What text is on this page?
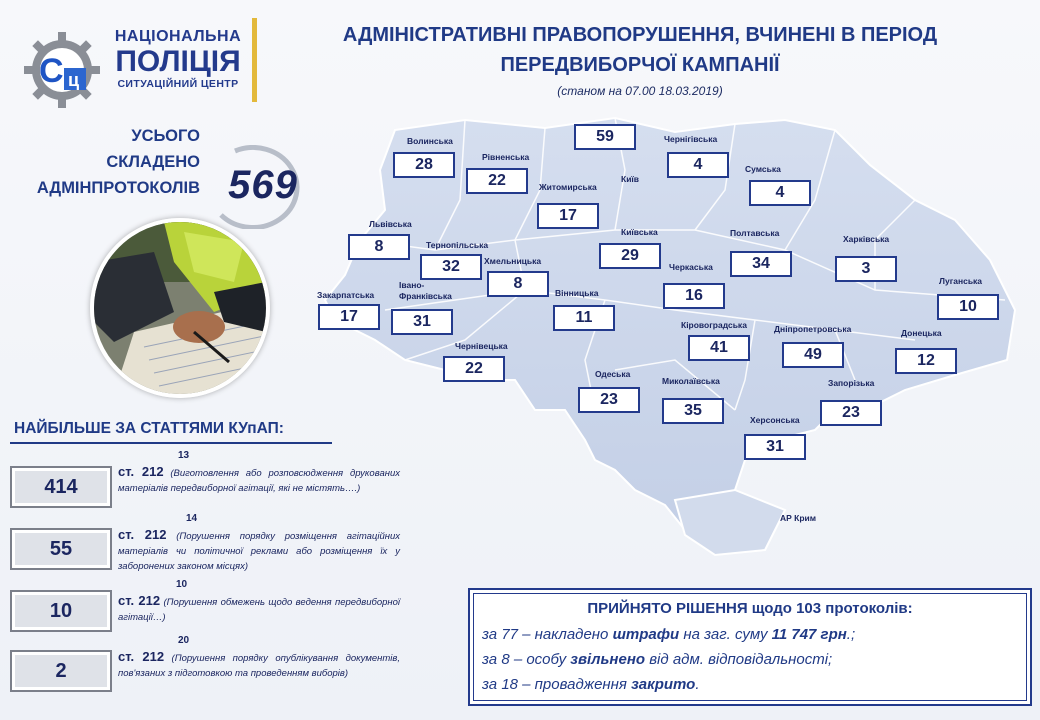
С ц
НАЦІОНАЛЬНА
ПОЛІЦІЯ
СИТУАЦІЙНИЙ ЦЕНТР
АДМІНІСТРАТИВНІ ПРАВОПОРУШЕННЯ, ВЧИНЕНІ В ПЕРІОД
ПЕРЕДВИБОРЧОЇ КАМПАНІЇ
(станом на 07.00 18.03.2019)
УСЬОГО
СКЛАДЕНО
АДМІНПРОТОКОЛІВ 569
НАЙБІЛЬШЕ ЗА СТАТТЯМИ КУпАП:
414
13
ст. 212 (Виготовлення або розповсюдження друкованих матеріалів передвиборної агітації, які не містять….)
55
14
ст. 212 (Порушення порядку розміщення агітаційних матеріалів чи політичної реклами або розміщення їх у заборонених законом місцях)
10
10
ст. 212 (Порушення обмежень щодо ведення передвиборної агітації…)
2
20
ст. 212 (Порушення порядку опублікування документів, пов'язаних з підготовкою та проведенням виборів)
Волинська
28	Рівненська
22
59
Київ
Чернігівська
4	Сумська
4
Житомирська
17
Львівська
8	Тернопільська
32	Хмельницька
8
Київська
29
Полтавська
34
Харківська
3
Черкаська
16
Луганська
10
Закарпатська
17
Івано-Франківська
31
Вінницька
11	Кіровоградська
41
Дніпропетровська
49
Донецька
12
Чернівецька
22	Одеська
23
Миколаївська
35
Запорізька
23
Херсонська
31
АР Крим
ПРИЙНЯТО РІШЕННЯ щодо 103 протоколів:
за 77 – накладено штрафи на заг. суму 11 747 грн.;
за 8 – особу звільнено від адм. відповідальності;
за 18 – провадження закрито.
